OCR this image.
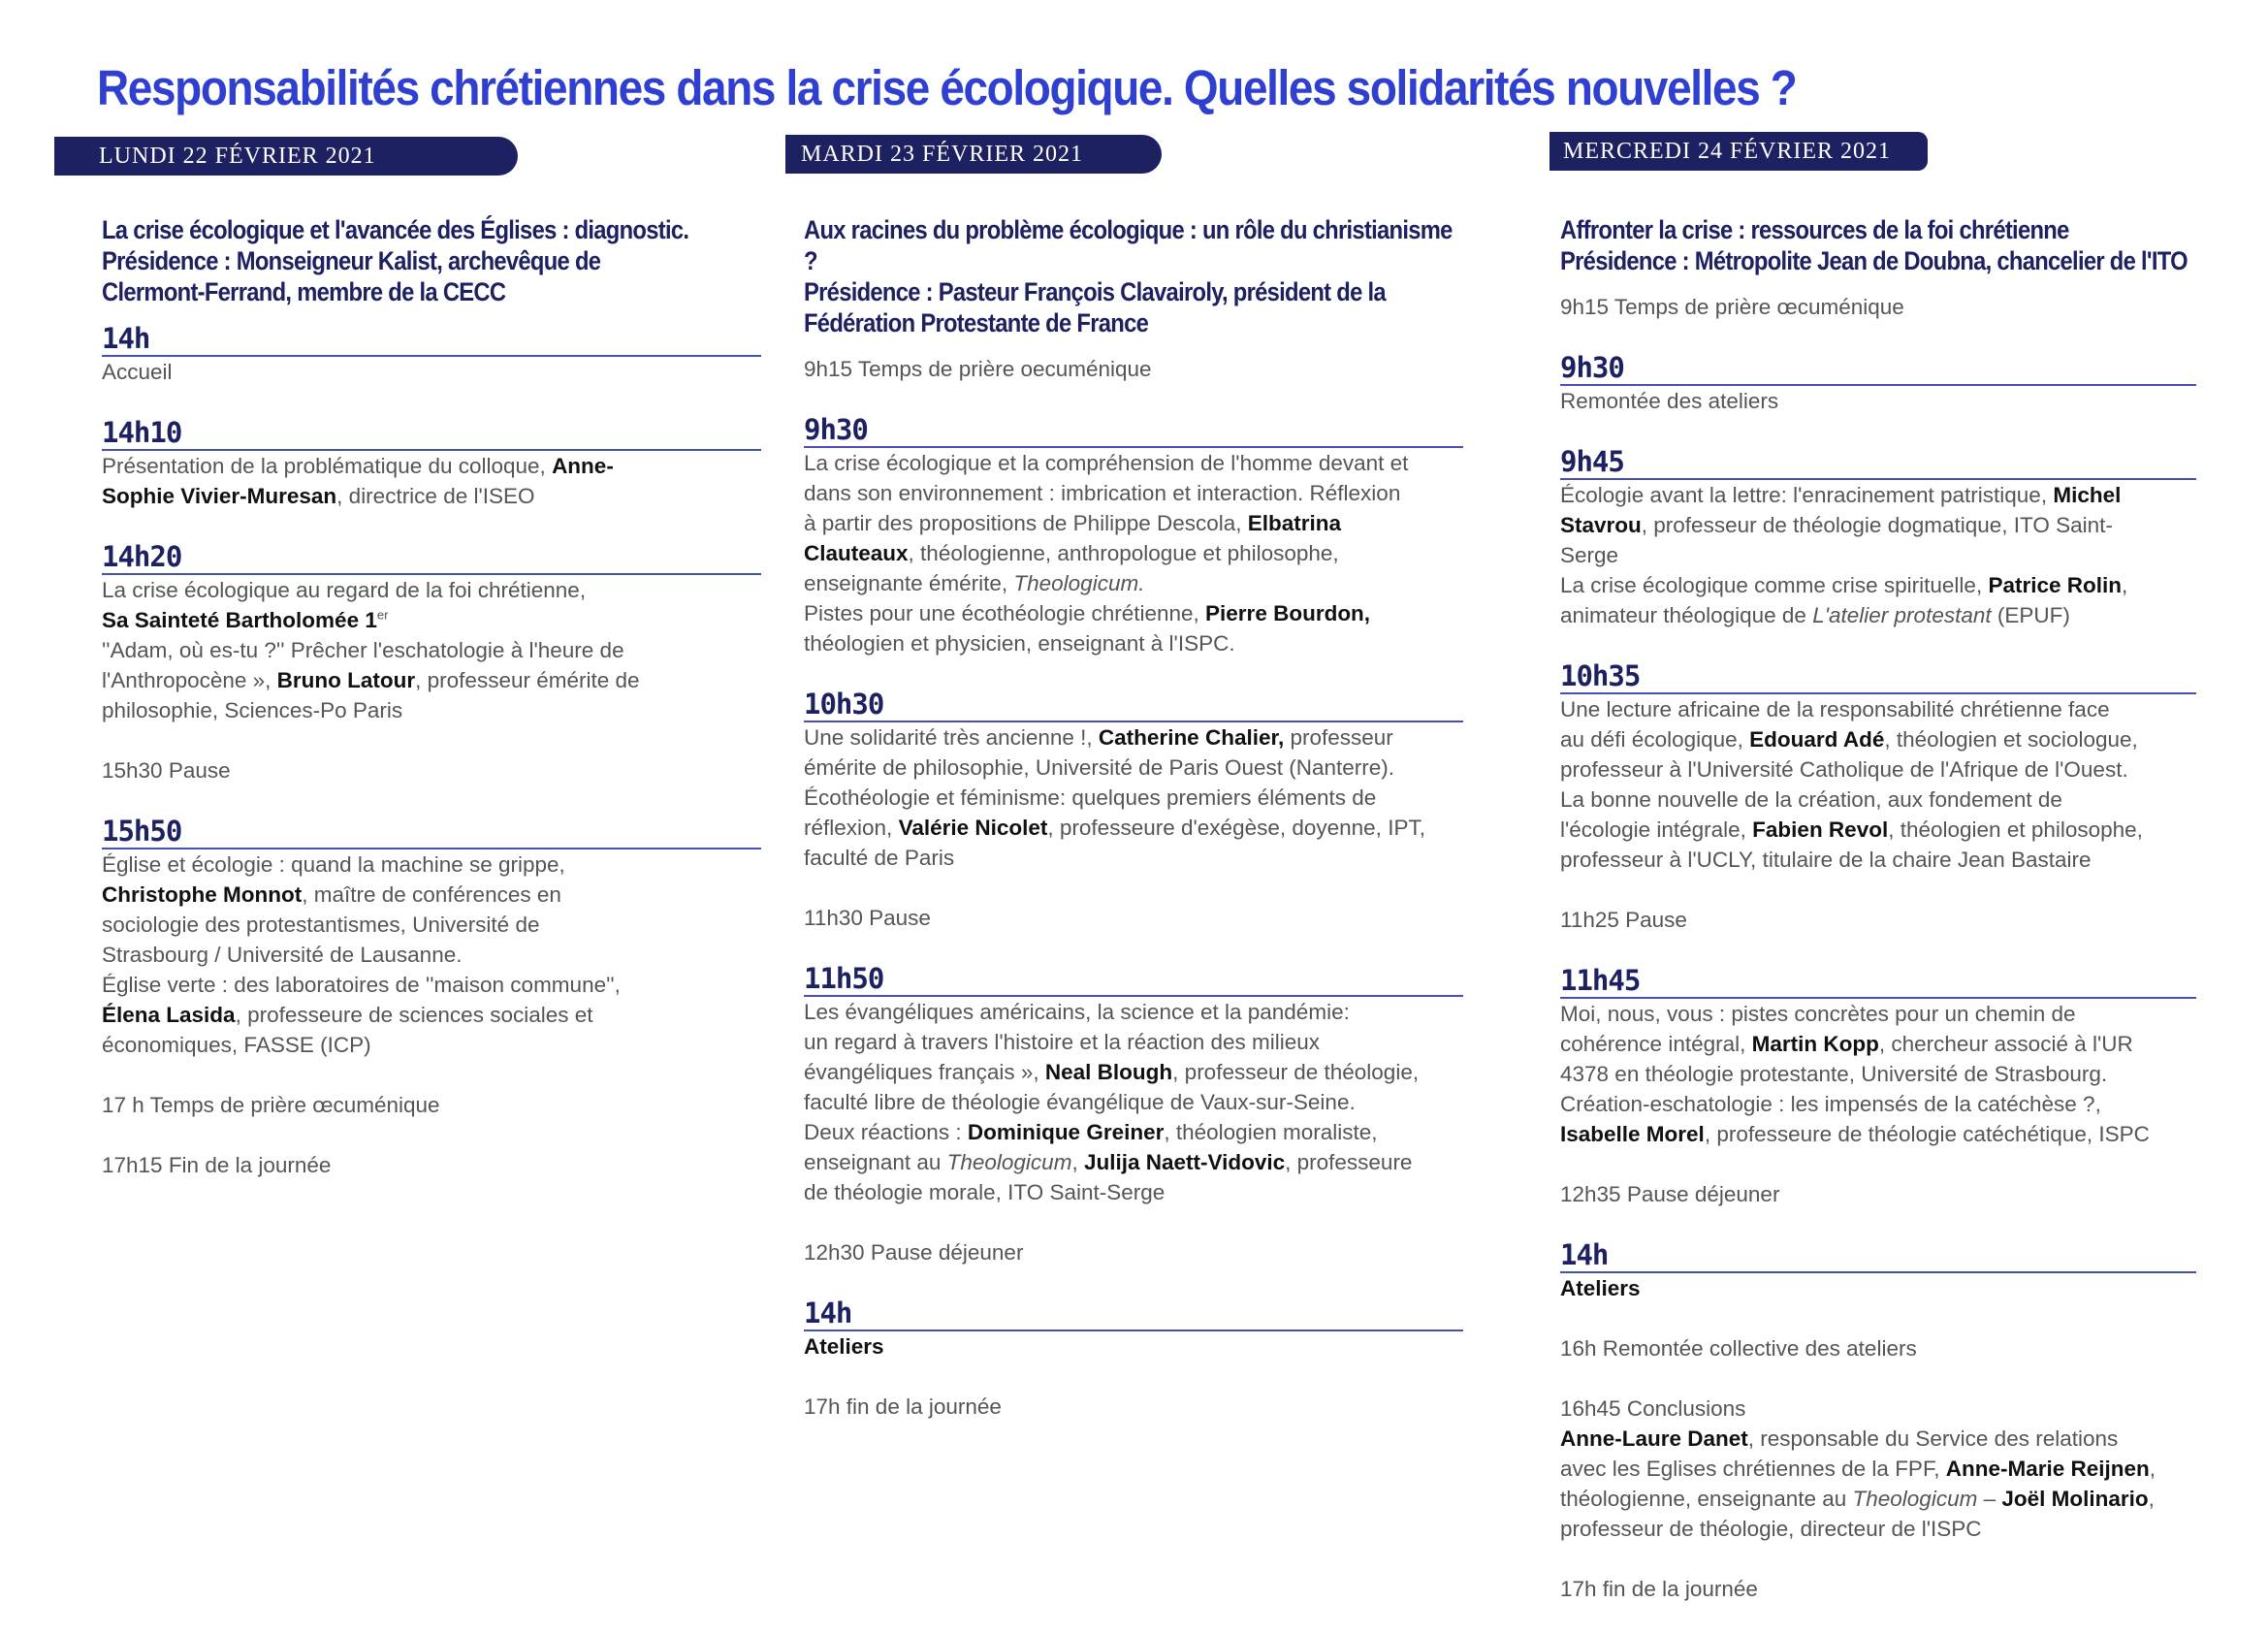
Responsabilités chrétiennes dans la crise écologique. Quelles solidarités nouvelles ?
LUNDI 22 FÉVRIER 2021	MARDI 23 FÉVRIER 2021	MERCREDI 24 FÉVRIER 2021
La crise écologique et l'avancée des Églises : diagnostic.
Présidence : Monseigneur Kalist, archevêque de Clermont-Ferrand, membre de la CECC
14h
Accueil
14h10
Présentation de la problématique du colloque, Anne-
Sophie Vivier-Muresan, directrice de l'ISEO
14h20
La crise écologique au regard de la foi chrétienne,
Sa Sainteté Bartholomée 1er
''Adam, où es-tu ?'' Prêcher l'eschatologie à l'heure de
l'Anthropocène », Bruno Latour, professeur émérite de
philosophie, Sciences-Po Paris
15h30 Pause
15h50
Église et écologie : quand la machine se grippe,
Christophe Monnot, maître de conférences en
sociologie des protestantismes, Université de
Strasbourg / Université de Lausanne.
Église verte : des laboratoires de ''maison commune'',
Élena Lasida, professeure de sciences sociales et
économiques, FASSE (ICP)
17 h Temps de prière œcuménique
17h15 Fin de la journée
Aux racines du problème écologique : un rôle du christianisme ?
Présidence : Pasteur François Clavairoly, président de la Fédération Protestante de France
9h15 Temps de prière oecuménique
9h30
La crise écologique et la compréhension de l'homme devant et
dans son environnement : imbrication et interaction. Réflexion
à partir des propositions de Philippe Descola, Elbatrina
Clauteaux, théologienne, anthropologue et philosophe,
enseignante émérite, Theologicum.
Pistes pour une écothéologie chrétienne, Pierre Bourdon,
théologien et physicien, enseignant à l'ISPC.
10h30
Une solidarité très ancienne !, Catherine Chalier, professeur
émérite de philosophie, Université de Paris Ouest (Nanterre).
Écothéologie et féminisme: quelques premiers éléments de
réflexion, Valérie Nicolet, professeure d'exégèse, doyenne, IPT,
faculté de Paris
11h30 Pause
11h50
Les évangéliques américains, la science et la pandémie:
un regard à travers l'histoire et la réaction des milieux
évangéliques français », Neal Blough, professeur de théologie,
faculté libre de théologie évangélique de Vaux-sur-Seine.
Deux réactions : Dominique Greiner, théologien moraliste,
enseignant au Theologicum, Julija Naett-Vidovic, professeure
de théologie morale, ITO Saint-Serge
12h30 Pause déjeuner
14h
Ateliers
17h fin de la journée
Affronter la crise : ressources de la foi chrétienne
Présidence : Métropolite Jean de Doubna, chancelier de l'ITO
9h15 Temps de prière œcuménique
9h30
Remontée des ateliers
9h45
Écologie avant la lettre: l'enracinement patristique, Michel
Stavrou, professeur de théologie dogmatique, ITO Saint-
Serge
La crise écologique comme crise spirituelle, Patrice Rolin,
animateur théologique de L'atelier protestant (EPUF)
10h35
Une lecture africaine de la responsabilité chrétienne face
au défi écologique, Edouard Adé, théologien et sociologue,
professeur à l'Université Catholique de l'Afrique de l'Ouest.
La bonne nouvelle de la création, aux fondement de
l'écologie intégrale, Fabien Revol, théologien et philosophe,
professeur à l'UCLY, titulaire de la chaire Jean Bastaire
11h25 Pause
11h45
Moi, nous, vous : pistes concrètes pour un chemin de
cohérence intégral, Martin Kopp, chercheur associé à l'UR
4378 en théologie protestante, Université de Strasbourg.
Création-eschatologie : les impensés de la catéchèse ?,
Isabelle Morel, professeure de théologie catéchétique, ISPC
12h35 Pause déjeuner
14h
Ateliers
16h Remontée collective des ateliers
16h45 Conclusions
Anne-Laure Danet, responsable du Service des relations
avec les Eglises chrétiennes de la FPF, Anne-Marie Reijnen,
théologienne, enseignante au Theologicum – Joël Molinario,
professeur de théologie, directeur de l'ISPC
17h fin de la journée
